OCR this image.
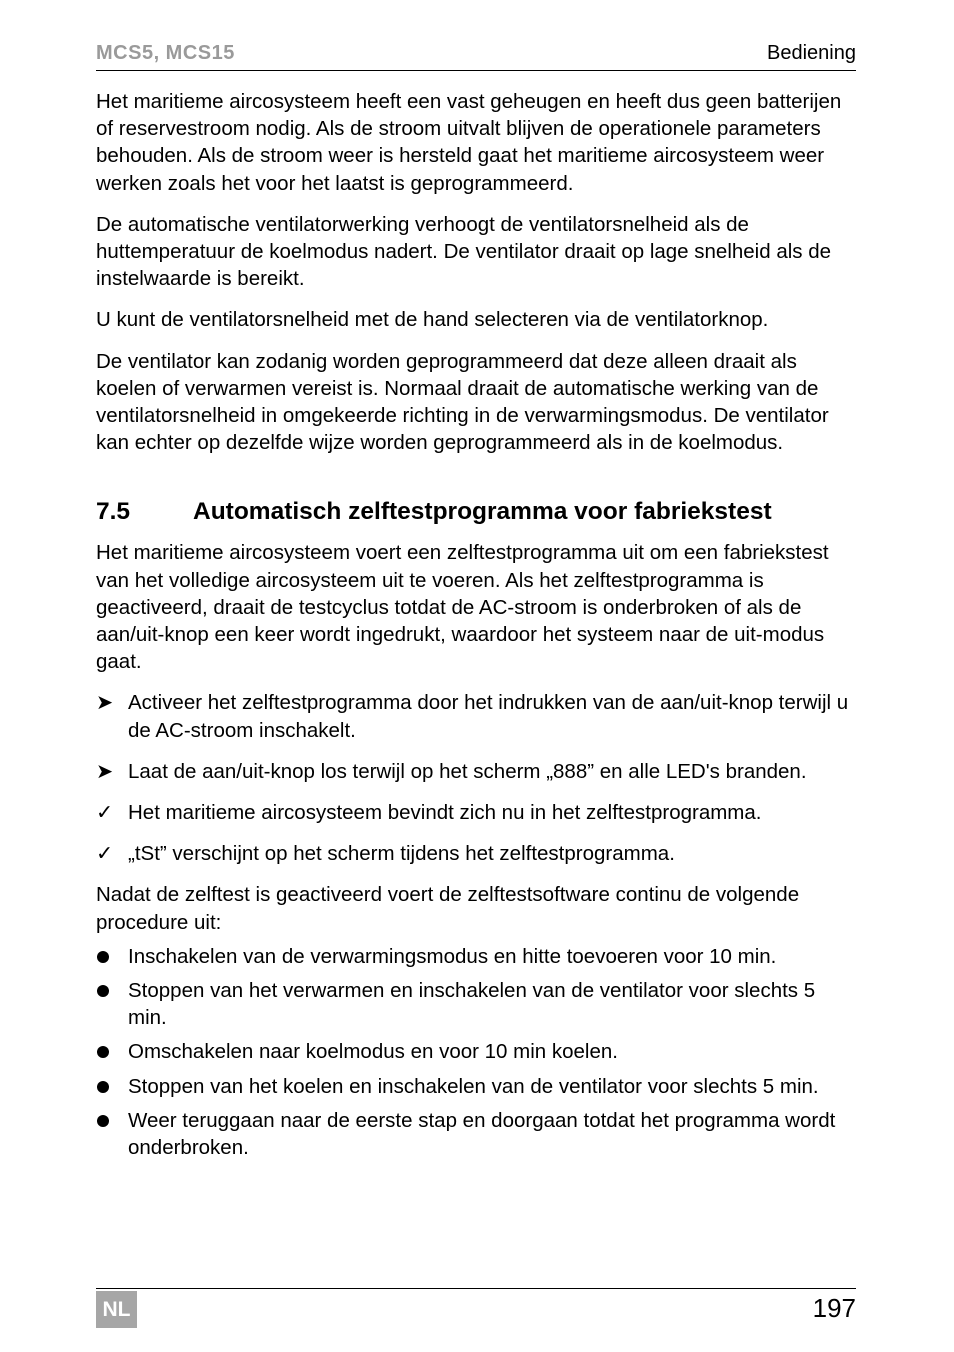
MCS5, MCS15	Bediening

Het maritieme aircosysteem heeft een vast geheugen en heeft dus geen batterijen of reservestroom nodig. Als de stroom uitvalt blijven de operationele parameters behouden. Als de stroom weer is hersteld gaat het maritieme aircosysteem weer werken zoals het voor het laatst is geprogrammeerd.

De automatische ventilatorwerking verhoogt de ventilatorsnelheid als de huttemperatuur de koelmodus nadert. De ventilator draait op lage snelheid als de instelwaarde is bereikt.

U kunt de ventilatorsnelheid met de hand selecteren via de ventilatorknop.

De ventilator kan zodanig worden geprogrammeerd dat deze alleen draait als koelen of verwarmen vereist is. Normaal draait de automatische werking van de ventilatorsnelheid in omgekeerde richting in de verwarmingsmodus. De ventilator kan echter op dezelfde wijze worden geprogrammeerd als in de koelmodus.

7.5	Automatisch zelftestprogramma voor fabriekstest

Het maritieme aircosysteem voert een zelftestprogramma uit om een fabriekstest van het volledige aircosysteem uit te voeren. Als het zelftestprogramma is geactiveerd, draait de testcyclus totdat de AC-stroom is onderbroken of als de aan/uit-knop een keer wordt ingedrukt, waardoor het systeem naar de uit-modus gaat.

➤ Activeer het zelftestprogramma door het indrukken van de aan/uit-knop terwijl u de AC-stroom inschakelt.
➤ Laat de aan/uit-knop los terwijl op het scherm „888” en alle LED's branden.
✓ Het maritieme aircosysteem bevindt zich nu in het zelftestprogramma.
✓ „tSt” verschijnt op het scherm tijdens het zelftestprogramma.

Nadat de zelftest is geactiveerd voert de zelftestsoftware continu de volgende procedure uit:

Inschakelen van de verwarmingsmodus en hitte toevoeren voor 10 min.
Stoppen van het verwarmen en inschakelen van de ventilator voor slechts 5 min.
Omschakelen naar koelmodus en voor 10 min koelen.
Stoppen van het koelen en inschakelen van de ventilator voor slechts 5 min.
Weer teruggaan naar de eerste stap en doorgaan totdat het programma wordt onderbroken.
NL	197
